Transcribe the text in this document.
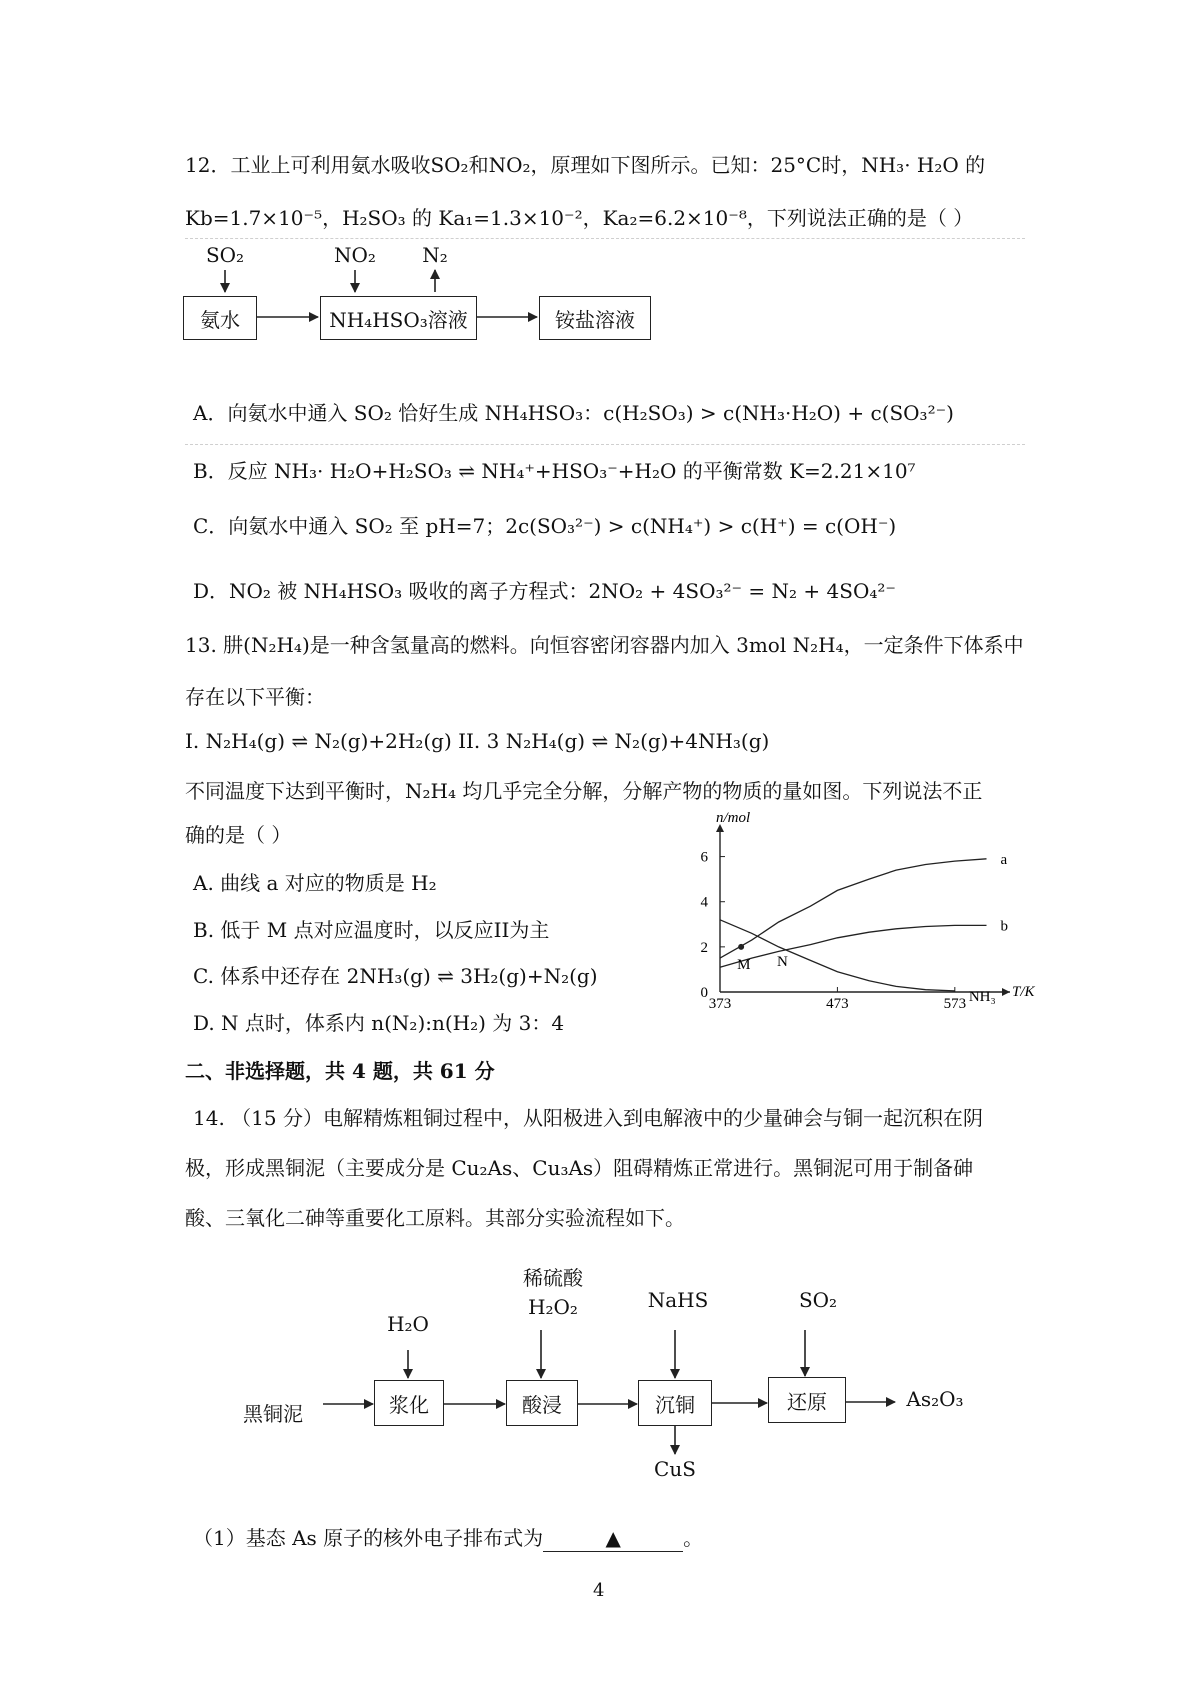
12．工业上可利用氨水吸收SO₂和NO₂，原理如下图所示。已知：25°C时，NH₃· H₂O 的
Kb=1.7×10⁻⁵，H₂SO₃ 的 Ka₁=1.3×10⁻²，Ka₂=6.2×10⁻⁸，下列说法正确的是（ ）
SO₂	NO₂	N₂
氨水	NH₄HSO₃溶液	铵盐溶液
A．向氨水中通入 SO₂ 恰好生成 NH₄HSO₃：c(H₂SO₃) > c(NH₃·H₂O) + c(SO₃²⁻)
B．反应 NH₃· H₂O+H₂SO₃ ⇌ NH₄⁺+HSO₃⁻+H₂O 的平衡常数 K=2.21×10⁷
C．向氨水中通入 SO₂ 至 pH=7；2c(SO₃²⁻) > c(NH₄⁺) > c(H⁺) = c(OH⁻)
D．NO₂ 被 NH₄HSO₃ 吸收的离子方程式：2NO₂ + 4SO₃²⁻ = N₂ + 4SO₄²⁻
13. 肼(N₂H₄)是一种含氢量高的燃料。向恒容密闭容器内加入 3mol N₂H₄，一定条件下体系中
存在以下平衡：
I. N₂H₄(g) ⇌ N₂(g)+2H₂(g) II. 3 N₂H₄(g) ⇌ N₂(g)+4NH₃(g)
不同温度下达到平衡时，N₂H₄ 均几乎完全分解，分解产物的物质的量如图。下列说法不正
确的是（ ）
A. 曲线 a 对应的物质是 H₂
B. 低于 M 点对应温度时，以反应II为主
C. 体系中还存在 2NH₃(g) ⇌ 3H₂(g)+N₂(g)
D. N 点时，体系内 n(N₂):n(H₂) 为 3：4
373	473	573
0
2
4
6
n/mol
T/K
a
b
NH₃
M N
二、非选择题，共 4 题，共 61 分
14. （15 分）电解精炼粗铜过程中，从阳极进入到电解液中的少量砷会与铜一起沉积在阴
极，形成黑铜泥（主要成分是 Cu₂As、Cu₃As）阻碍精炼正常进行。黑铜泥可用于制备砷
酸、三氧化二砷等重要化工原料。其部分实验流程如下。
稀硫酸
H₂O₂	NaHS	SO₂
H₂O
黑铜泥
As₂O₃
CuS
浆化	酸浸	沉铜	还原
（1）基态 As 原子的核外电子排布式为	▲	。
4
